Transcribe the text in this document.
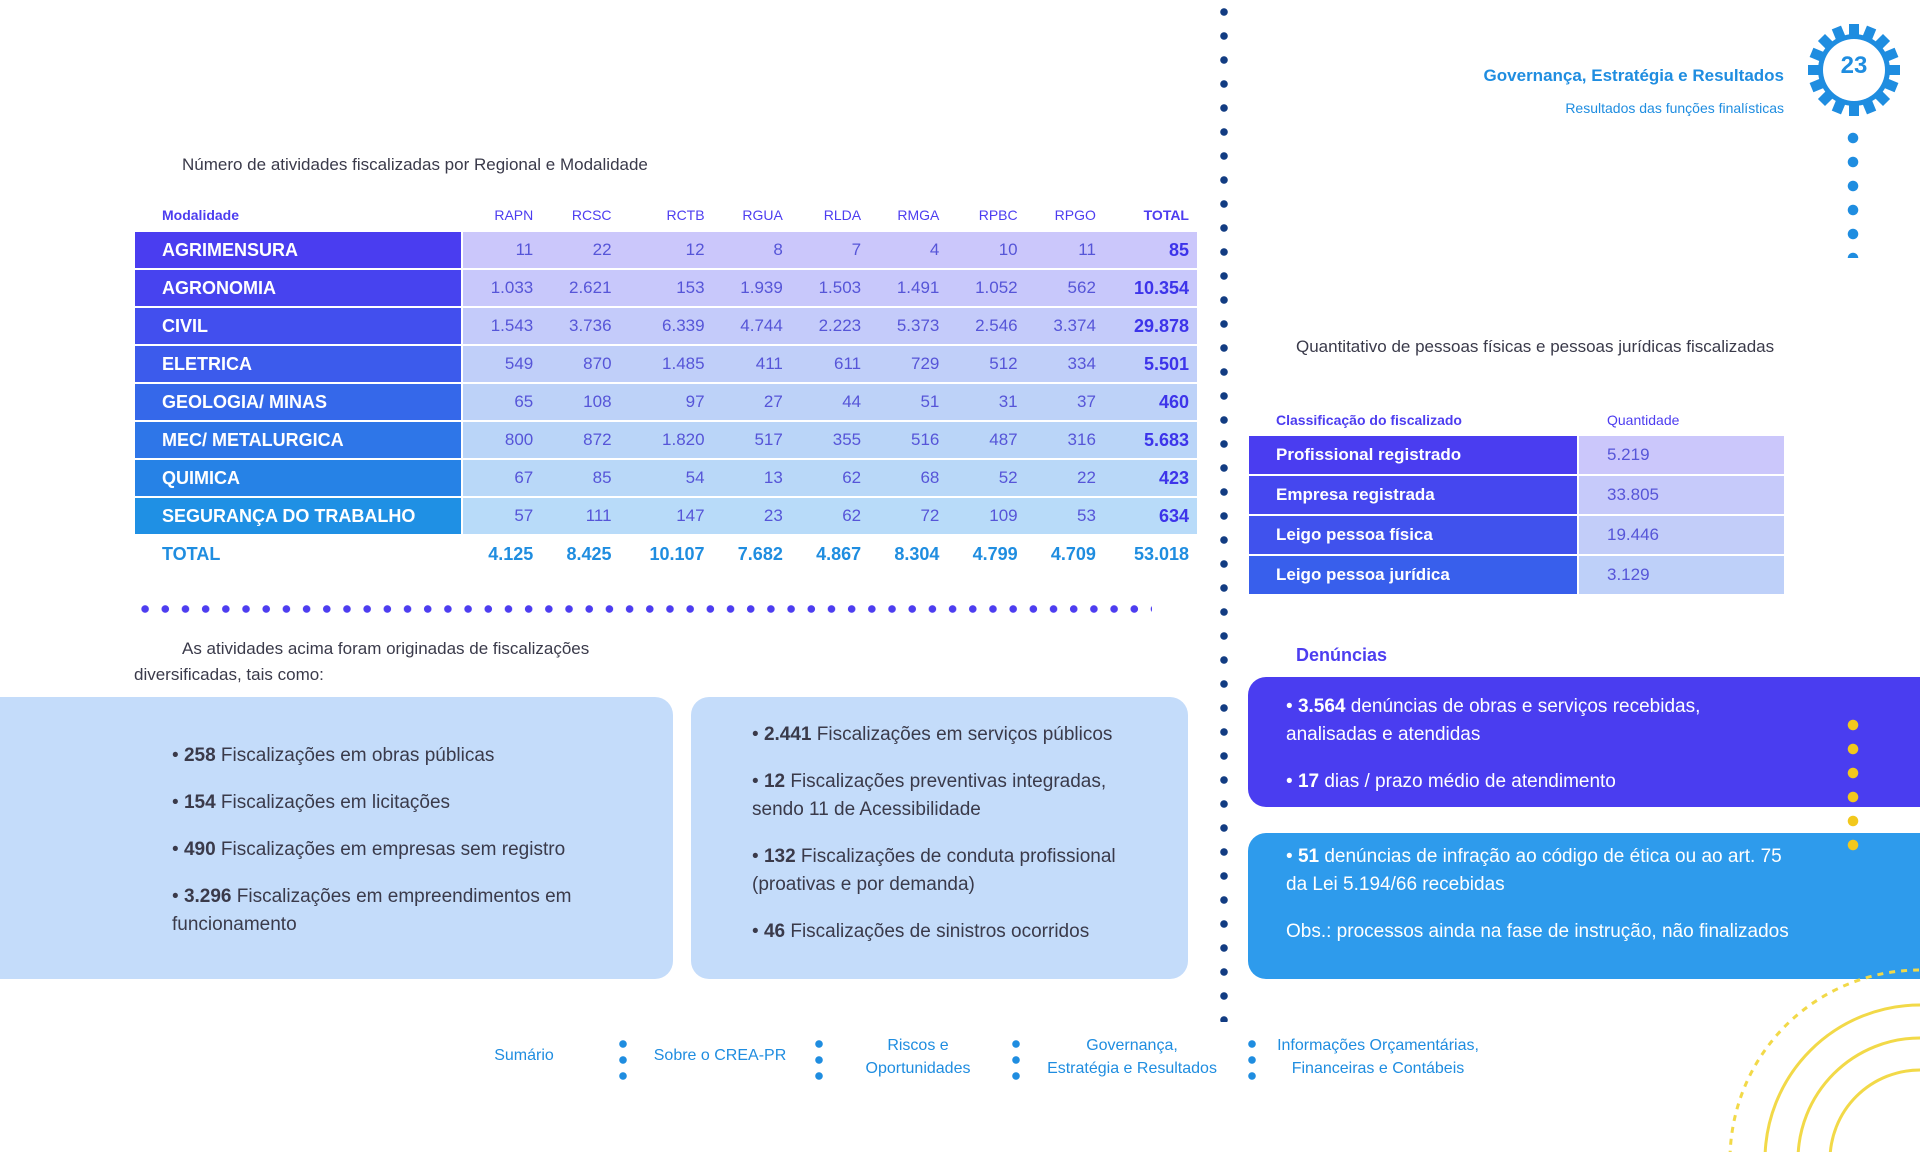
Governança, Estratégia e Resultados
Resultados das funções finalísticas
23
Número de atividades fiscalizadas por Regional e Modalidade
Modalidade	RAPN	RCSC	RCTB	RGUA	RLDA	RMGA	RPBC	RPGO	TOTAL
AGRIMENSURA	11	22	12	8	7	4	10	11	85
AGRONOMIA	1.033	2.621	153	1.939	1.503	1.491	1.052	562	10.354
CIVIL	1.543	3.736	6.339	4.744	2.223	5.373	2.546	3.374	29.878
ELETRICA	549	870	1.485	411	611	729	512	334	5.501
GEOLOGIA/ MINAS	65	108	97	27	44	51	31	37	460
MEC/ METALURGICA	800	872	1.820	517	355	516	487	316	5.683
QUIMICA	67	85	54	13	62	68	52	22	423
SEGURANÇA DO TRABALHO	57	111	147	23	62	72	109	53	634
TOTAL	4.125	8.425	10.107	7.682	4.867	8.304	4.799	4.709	53.018
Quantitativo de pessoas físicas e pessoas jurídicas fiscalizadas
Classificação do fiscalizado	Quantidade
Profissional registrado	5.219
Empresa registrada	33.805
Leigo pessoa física	19.446
Leigo pessoa jurídica	3.129
As atividades acima foram originadas de fiscalizações diversificadas, tais como:
• 258 Fiscalizações em obras públicas
• 154 Fiscalizações em licitações
• 490 Fiscalizações em empresas sem registro
• 3.296 Fiscalizações em empreendimentos em funcionamento
• 2.441 Fiscalizações em serviços públicos
• 12 Fiscalizações preventivas integradas, sendo 11 de Acessibilidade
• 132 Fiscalizações de conduta profissional (proativas e por demanda)
• 46 Fiscalizações de sinistros ocorridos
Denúncias

• 3.564 denúncias de obras e serviços recebidas, analisadas e atendidas

• 17 dias / prazo médio de atendimento

• 51 denúncias de infração ao código de ética ou ao art. 75 da Lei 5.194/66 recebidas

Obs.: processos ainda na fase de instrução, não finalizados

Sumário	Sobre o CREA-PR
Riscos e
Oportunidades
Governança,
Estratégia e Resultados
Informações Orçamentárias,
Financeiras e Contábeis
